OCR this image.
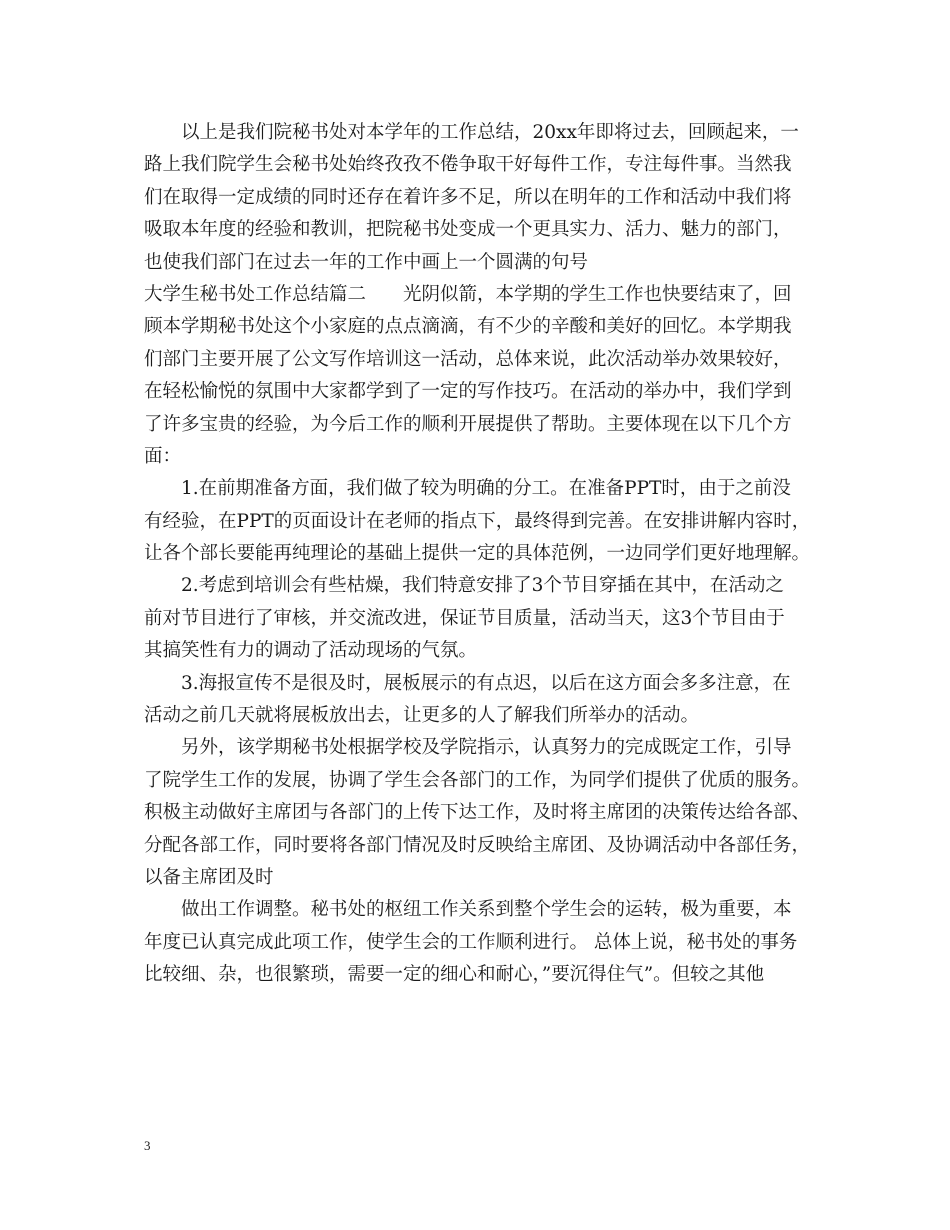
以上是我们院秘书处对本学年的工作总结，20xx年即将过去，回顾起来，一
路上我们院学生会秘书处始终孜孜不倦争取干好每件工作，专注每件事。当然我
们在取得一定成绩的同时还存在着许多不足，所以在明年的工作和活动中我们将
吸取本年度的经验和教训，把院秘书处变成一个更具实力、活力、魅力的部门，
也使我们部门在过去一年的工作中画上一个圆满的句号
大学生秘书处工作总结篇二　　光阴似箭，本学期的学生工作也快要结束了，回
顾本学期秘书处这个小家庭的点点滴滴，有不少的辛酸和美好的回忆。本学期我
们部门主要开展了公文写作培训这一活动，总体来说，此次活动举办效果较好，
在轻松愉悦的氛围中大家都学到了一定的写作技巧。在活动的举办中，我们学到
了许多宝贵的经验，为今后工作的顺利开展提供了帮助。主要体现在以下几个方
面：
1.在前期准备方面，我们做了较为明确的分工。在准备PPT时，由于之前没
有经验，在PPT的页面设计在老师的指点下，最终得到完善。在安排讲解内容时，
让各个部长要能再纯理论的基础上提供一定的具体范例，一边同学们更好地理解。
2.考虑到培训会有些枯燥，我们特意安排了3个节目穿插在其中，在活动之
前对节目进行了审核，并交流改进，保证节目质量，活动当天，这3个节目由于
其搞笑性有力的调动了活动现场的气氛。
3.海报宣传不是很及时，展板展示的有点迟，以后在这方面会多多注意，在
活动之前几天就将展板放出去，让更多的人了解我们所举办的活动。
另外，该学期秘书处根据学校及学院指示，认真努力的完成既定工作，引导
了院学生工作的发展，协调了学生会各部门的工作，为同学们提供了优质的服务。
积极主动做好主席团与各部门的上传下达工作，及时将主席团的决策传达给各部、
分配各部工作，同时要将各部门情况及时反映给主席团、及协调活动中各部任务，
以备主席团及时
做出工作调整。秘书处的枢纽工作关系到整个学生会的运转，极为重要，本
年度已认真完成此项工作，使学生会的工作顺利进行。 总体上说，秘书处的事务
比较细、杂，也很繁琐，需要一定的细心和耐心，”要沉得住气”。但较之其他
3
